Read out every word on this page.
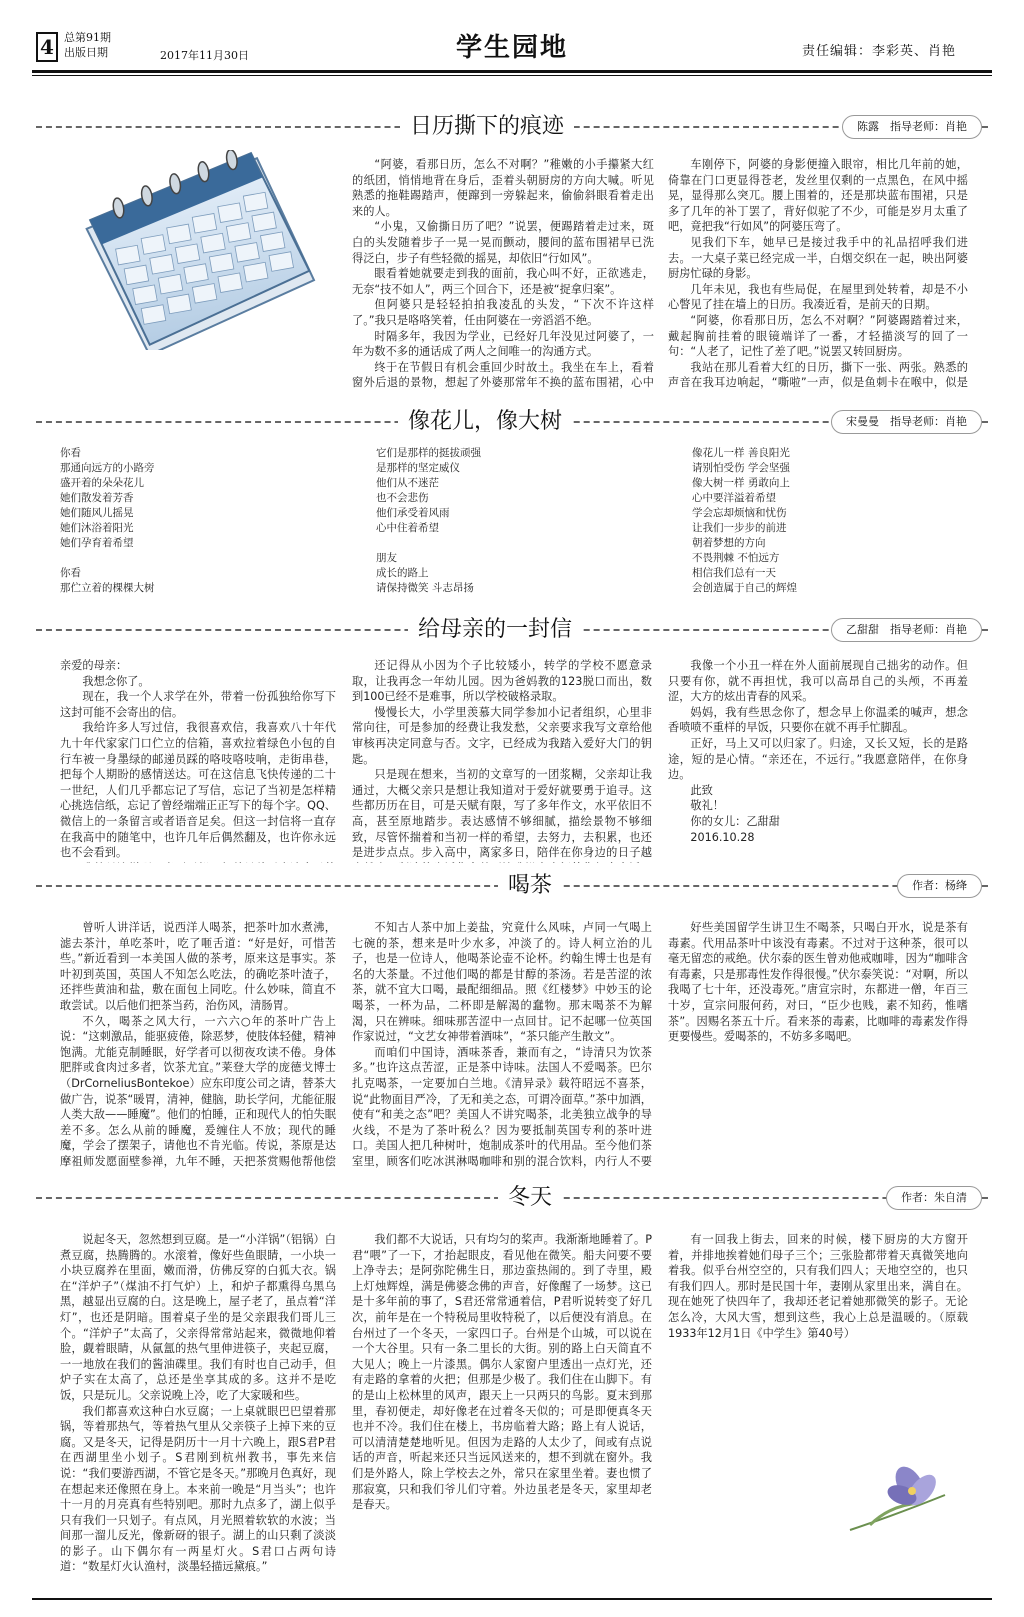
4 总第91期
出版日期	2017年11月30日	学生园地	责任编辑：李彩英、肖艳
日历撕下的痕迹	陈露　指导老师：肖艳

“阿婆，看那日历，怎么不对啊？”稚嫩的小手攥紧大红的纸团，悄悄地背在身后，歪着头朝厨房的方向大喊。听见熟悉的拖鞋踢踏声，便蹿到一旁躲起来，偷偷斜眼看着走出来的人。

“小鬼，又偷撕日历了吧？”说罢，便踢踏着走过来，斑白的头发随着步子一晃一晃而颤动，腰间的蓝布围裙早已洗得泛白，步子有些轻微的摇晃，却依旧“行如风”。

眼看着她就要走到我的面前，我心叫不好，正欲逃走，无奈“技不如人”，两三个回合下，还是被“捉拿归案”。

但阿婆只是轻轻拍拍我凌乱的头发，“下次不许这样了。”我只是咯咯笑着，任由阿婆在一旁滔滔不绝。

时隔多年，我因为学业，已经好几年没见过阿婆了，一年为数不多的通话成了两人之间唯一的沟通方式。

终于在节假日有机会重回少时故土。我坐在车上，看着窗外后退的景物，想起了外婆那常年不换的蓝布围裙，心中

车刚停下，阿婆的身影便撞入眼帘，相比几年前的她，倚靠在门口更显得苍老，发丝里仅剩的一点黑色，在风中摇晃，显得那么突兀。腰上围着的，还是那块蓝布围裙，只是多了几年的补丁罢了，背好似驼了不少，可能是岁月太重了吧，竟把我“行如风”的阿婆压弯了。

见我们下车，她早已是接过我手中的礼品招呼我们进去。一大桌子菜已经完成一半，白烟交织在一起，映出阿婆厨房忙碌的身影。

几年未见，我也有些局促，在屋里到处转着，却是不小心瞥见了挂在墙上的日历。我凑近看，是前天的日期。

“阿婆，你看那日历，怎么不对啊？”阿婆踢踏着过来，戴起胸前挂着的眼镜端详了一番，才轻描淡写的回了一句：“人老了，记性了差了吧。”说罢又转回厨房。

我站在那儿看着大红的日历，撕下一张、两张。熟悉的声音在我耳边响起，“嘶啦”一声，似是鱼刺卡在喉中，似是

像花儿，像大树	宋曼曼　指导老师：肖艳
你看
那通向远方的小路旁
盛开着的朵朵花儿
她们散发着芳香
她们随风儿摇晃
她们沐浴着阳光
她们孕育着希望
你看
那伫立着的棵棵大树
它们是那样的挺拔顽强
是那样的坚定威仪
他们从不迷茫
也不会悲伤
他们承受着风雨
心中住着希望
朋友
成长的路上
请保持微笑 斗志昂扬
像花儿一样 善良阳光
请别怕受伤 学会坚强
像大树一样 勇敢向上
心中要洋溢着希望
学会忘却烦恼和忧伤
让我们一步步的前进
朝着梦想的方向
不畏荆棘 不怕远方
相信我们总有一天
会创造属于自己的辉煌
给母亲的一封信	乙甜甜　指导老师：肖艳

亲爱的母亲：

我想念你了。

现在，我一个人求学在外，带着一份孤独给你写下这封可能不会寄出的信。

我给许多人写过信，我很喜欢信，我喜欢八十年代九十年代家家门口伫立的信箱，喜欢拉着绿色小包的自行车被一身墨绿的邮递员踩的咯吱咯吱响，走街串巷，把每个人期盼的感情送达。可在这信息飞快传递的二十一世纪，人们几乎都忘记了写信，忘记了当初是怎样精心挑选信纸，忘记了曾经端端正正写下的每个字。QQ、微信上的一条留言或者语音足矣。但这一封信将一直存在我高中的随笔中，也许几年后偶然翻及，也许你永远也不会看到。

还记得从小因为个子比较矮小，转学的学校不愿意录取，让我再念一年幼儿园。因为爸妈教的123脱口而出，数到100已经不是难事，所以学校破格录取。

慢慢长大，小学里羡慕大同学参加小记者组织，心里非常向往，可是参加的经费让我发愁，父亲要求我写文章给他审核再决定同意与否。文字，已经成为我踏入爱好大门的钥匙。

只是现在想来，当初的文章写的一团浆糊，父亲却让我通过，大概父亲只是想让我知道对于爱好就要勇于追寻。这些都历历在目，可是天赋有限，写了多年作文，水平依旧不高，甚至原地踏步。表达感情不够细腻，描绘景物不够细致，尽管怀揣着和当初一样的希望，去努力，去积累，也还是进步点点。步入高中，离家多日，陪伴在你身边的日子越

我像一个小丑一样在外人面前展现自己拙劣的动作。但只要有你，就不再担忧，我可以高昂自己的头颅，不再羞涩，大方的炫出青春的风采。

妈妈，我有些思念你了，想念早上你温柔的喊声，想念香喷喷不重样的早饭，只要你在就不再手忙脚乱。

正好，马上又可以归家了。归途，又长又短，长的是路途，短的是心情。“亲还在，不远行。”我愿意陪伴，在你身边。

此致

敬礼！

你的女儿：乙甜甜

2016.10.28

喝茶	作者：杨绛

曾听人讲洋话，说西洋人喝茶，把茶叶加水煮沸，滤去茶汁，单吃茶叶，吃了咂舌道：“好是好，可惜苦些。”新近看到一本美国人做的茶考，原来这是事实。茶叶初到英国，英国人不知怎么吃法，的确吃茶叶渣子，还拌些黄油和盐，敷在面包上同吃。什么妙味，简直不敢尝试。以后他们把茶当药，治伤风，清肠胃。

不久，喝茶之风大行，一六六○年的茶叶广告上说：“这刺激品，能驱疲倦，除恶梦，使肢体轻健，精神饱满。尤能克制睡眠，好学者可以彻夜攻读不倦。身体肥胖或食肉过多者，饮茶尤宜。”莱登大学的庞德戈博士（DrCorneliusBontekoe）应东印度公司之请，替茶大做广告，说茶“暖胃，清神，健脑，助长学问，尤能征服人类大敌——睡魔”。他们的怕睡，正和现代人的怕失眠差不多。怎么从前的睡魔，爰缠住人不放；现代的睡魔，学会了摆架子，请他也不肯光临。传说，茶原是达摩祖师发愿面壁参禅，九年不睡，天把茶赏赐他帮他偿

不知古人茶中加上姜盐，究竟什么风味，卢同一气喝上七碗的茶，想来是叶少水多，冲淡了的。诗人柯立治的儿子，也是一位诗人，他喝茶论壶不论杯。约翰生博士也是有名的大茶量。不过他们喝的都是甘醇的茶汤。若是苦涩的浓茶，就不宜大口喝，最配细细品。照《红楼梦》中妙玉的论喝茶，一杯为品，二杯即是解渴的蠢物。那末喝茶不为解渴，只在辨味。细味那苦涩中一点回甘。记不起哪一位英国作家说过，“文艺女神带着酒味”，“茶只能产生散文”。

而咱们中国诗，酒味茶香，兼而有之，“诗清只为饮茶多。”也许这点苦涩，正是茶中诗味。法国人不爱喝茶。巴尔扎克喝茶，一定要加白兰地。《清异录》载符昭远不喜茶，说“此物面目严冷，了无和美之态，可谓冷面草。”茶中加酒，使有“和美之态”吧？美国人不讲究喝茶，北美独立战争的导火线，不是为了茶叶税么？因为要抵制英国专利的茶叶进口。美国人把几种树叶，炮制成茶叶的代用品。至今他们茶室里，顾客们吃冰淇淋喝咖啡和别的混合饮料，内行人不要

好些美国留学生讲卫生不喝茶，只喝白开水，说是茶有毒素。代用品茶叶中该没有毒素。不过对于这种茶，很可以毫无留恋的戒绝。伏尔泰的医生曾劝他戒咖啡，因为“咖啡含有毒素，只是那毒性发作得很慢。”伏尔泰笑说：“对啊，所以我喝了七十年，还没毒死。”唐宣宗时，东都进一僧，年百三十岁，宣宗问服何药，对曰，“臣少也贱，素不知药，惟嗜茶”。因赐名茶五十斤。看来茶的毒素，比咖啡的毒素发作得更要慢些。爱喝茶的，不妨多多喝吧。

冬天	作者：朱自清

说起冬天，忽然想到豆腐。是一“小洋锅”（铝锅）白煮豆腐，热腾腾的。水滚着，像好些鱼眼睛，一小块一小块豆腐养在里面，嫩而滑，仿佛反穿的白狐大衣。锅在“洋炉子”（煤油不打气炉）上，和炉子都熏得乌黑乌黑，越显出豆腐的白。这是晚上，屋子老了，虽点着“洋灯”，也还是阴暗。围着桌子坐的是父亲跟我们哥儿三个。“洋炉子”太高了，父亲得常常站起来，微微地仰着脸，觑着眼睛，从氤氲的热气里伸进筷子，夹起豆腐，一一地放在我们的酱油碟里。我们有时也自己动手，但炉子实在太高了，总还是坐享其成的多。这并不是吃饭，只是玩儿。父亲说晚上冷，吃了大家暖和些。

我们都喜欢这种白水豆腐；一上桌就眼巴巴望着那锅，等着那热气，等着热气里从父亲筷子上掉下来的豆腐。又是冬天，记得是阴历十一月十六晚上，跟S君P君在西湖里坐小划子。S君刚到杭州教书，事先来信说：“我们要游西湖，不管它是冬天。”那晚月色真好，现在想起来还像照在身上。本来前一晚是“月当头”；也许十一月的月亮真有些特别吧。那时九点多了，湖上似乎只有我们一只划子。有点风，月光照着软软的水波；当间那一溜儿反光，像新砑的银子。湖上的山只剩了淡淡的影子。山下偶尔有一两星灯火。S君口占两句诗道：“数星灯火认渔村，淡墨轻描远黛痕。”

我们都不大说话，只有均匀的桨声。我渐渐地睡着了。P君“喂”了一下，才抬起眼皮，看见他在微笑。船夫问要不要上净寺去；是阿弥陀佛生日，那边蛮热闹的。到了寺里，殿上灯烛辉煌，满是佛婆念佛的声音，好像醒了一场梦。这已是十多年前的事了，S君还常常通着信，P君听说转变了好几次，前年是在一个特税局里收特税了，以后便没有消息。在台州过了一个冬天，一家四口子。台州是个山城，可以说在一个大谷里。只有一条二里长的大街。别的路上白天简直不大见人；晚上一片漆黑。偶尔人家窗户里透出一点灯光，还有走路的拿着的火把；但那是少极了。我们住在山脚下。有的是山上松林里的风声，跟天上一只两只的鸟影。夏末到那里，春初便走，却好像老在过着冬天似的；可是即便真冬天也并不冷。我们住在楼上，书房临着大路；路上有人说话，可以清清楚楚地听见。但因为走路的人太少了，间或有点说话的声音，听起来还只当远风送来的，想不到就在窗外。我们是外路人，除上学校去之外，常只在家里坐着。妻也惯了那寂寞，只和我们爷儿们守着。外边虽老是冬天，家里却老是春天。

有一回我上街去，回来的时候，楼下厨房的大方窗开着，并排地挨着她们母子三个；三张脸都带着天真微笑地向着我。似乎台州空空的，只有我们四人；天地空空的，也只有我们四人。那时是民国十年，妻刚从家里出来，满自在。现在她死了快四年了，我却还老记着她那微笑的影子。无论怎么冷，大风大雪，想到这些，我心上总是温暖的。（原载1933年12月1日《中学生》第40号）
